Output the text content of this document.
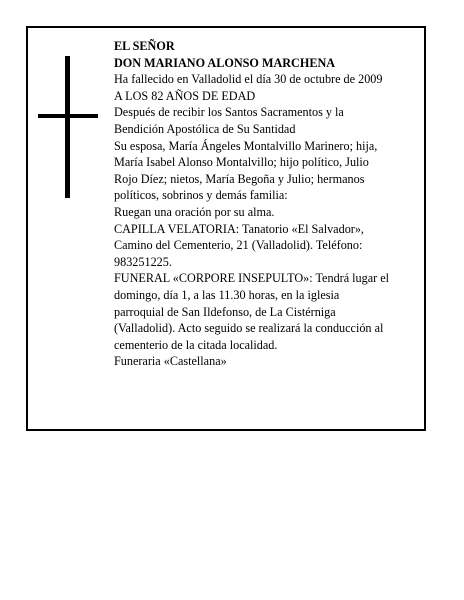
EL SEÑOR
DON MARIANO ALONSO MARCHENA
Ha fallecido en Valladolid el día 30 de octubre de 2009
A LOS 82 AÑOS DE EDAD
Después de recibir los Santos Sacramentos y la
Bendición Apostólica de Su Santidad
Su esposa, María Ángeles Montalvillo Marinero; hija,
María Isabel Alonso Montalvillo; hijo político, Julio
Rojo Díez; nietos, María Begoña y Julio; hermanos
políticos, sobrinos y demás familia:
Ruegan una oración por su alma.
CAPILLA VELATORIA: Tanatorio «El Salvador»,
Camino del Cementerio, 21 (Valladolid). Teléfono:
983251225.
FUNERAL «CORPORE INSEPULTO»: Tendrá lugar el
domingo, día 1, a las 11.30 horas, en la iglesia
parroquial de San Ildefonso, de La Cistérniga
(Valladolid). Acto seguido se realizará la conducción al
cementerio de la citada localidad.
Funeraria «Castellana»
